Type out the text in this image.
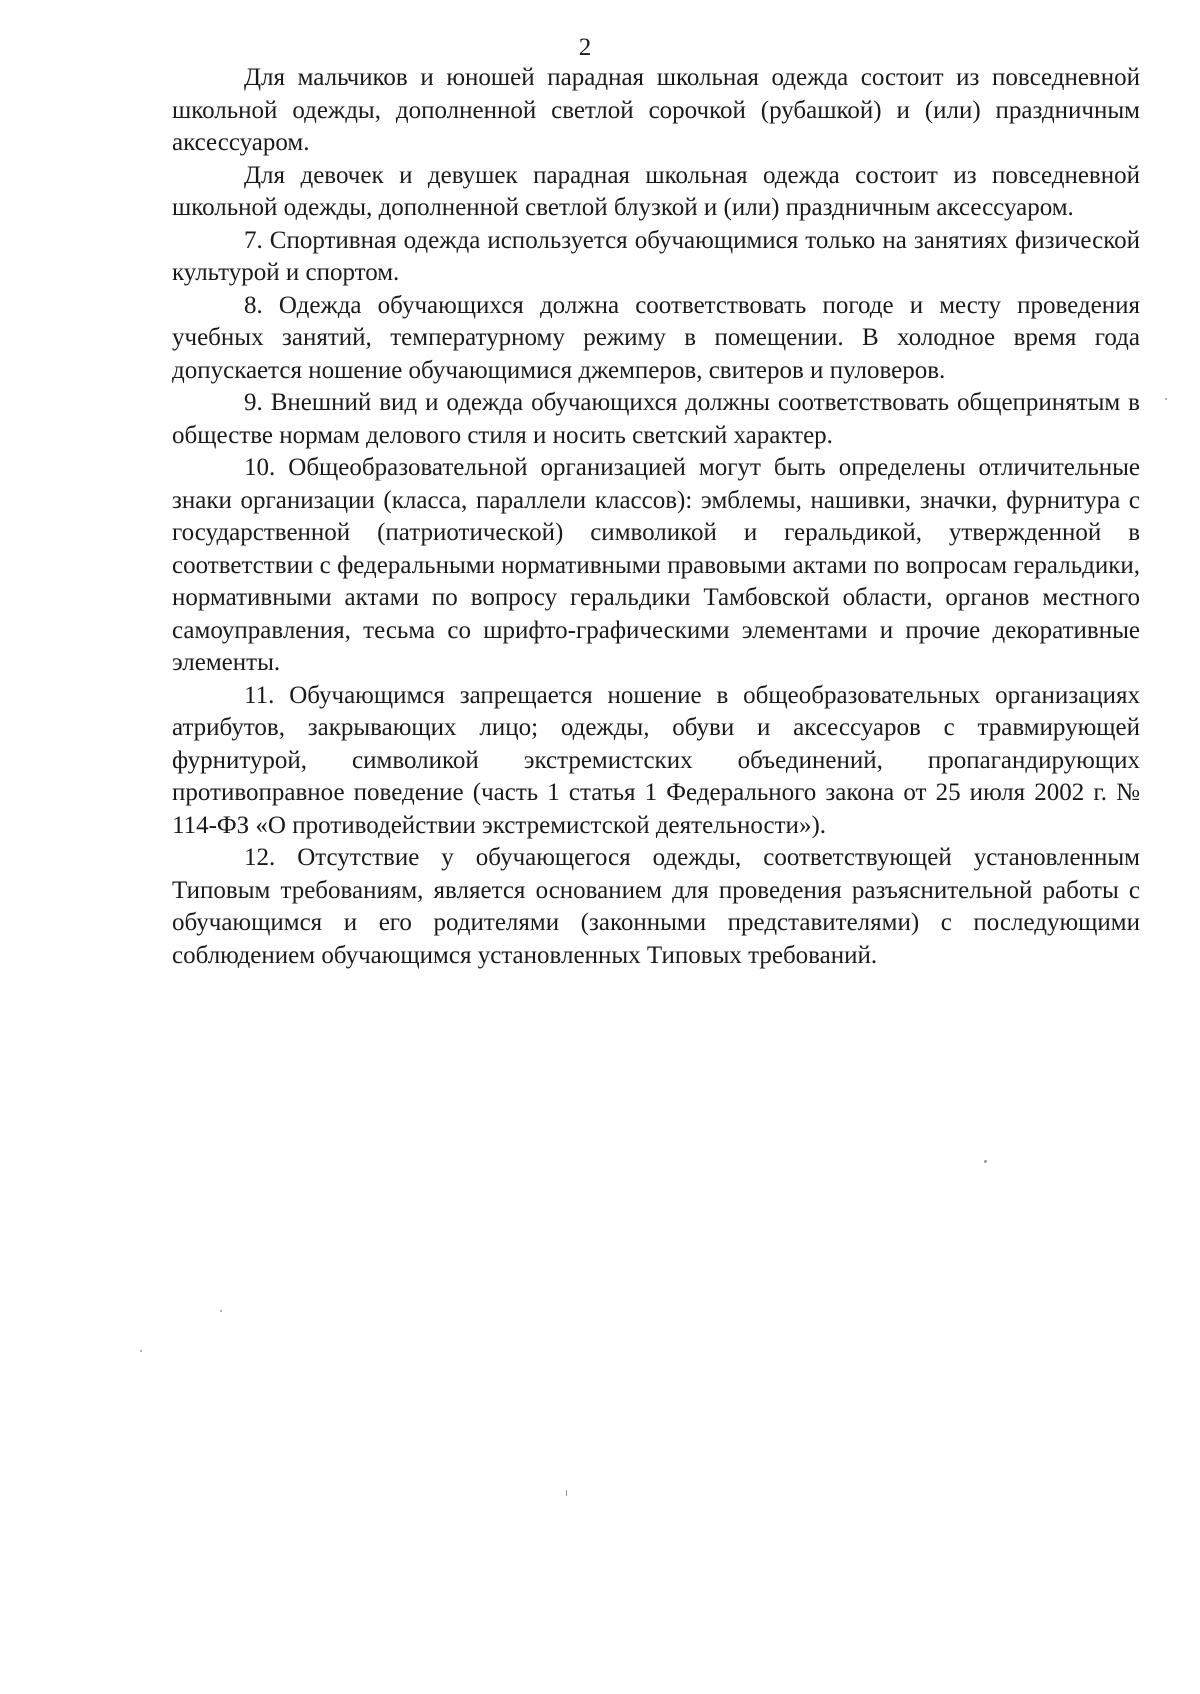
2

Для мальчиков и юношей парадная школьная одежда состоит из повседневной школьной одежды, дополненной светлой сорочкой (рубашкой) и (или) праздничным аксессуаром.

Для девочек и девушек парадная школьная одежда состоит из повседневной школьной одежды, дополненной светлой блузкой и (или) праздничным аксессуаром.

7. Спортивная одежда используется обучающимися только на занятиях физической культурой и спортом.

8. Одежда обучающихся должна соответствовать погоде и месту проведения учебных занятий, температурному режиму в помещении. В холодное время года допускается ношение обучающимися джемперов, свитеров и пуловеров.

9. Внешний вид и одежда обучающихся должны соответствовать общепринятым в обществе нормам делового стиля и носить светский характер.

10. Общеобразовательной организацией могут быть определены отличительные знаки организации (класса, параллели классов): эмблемы, нашивки, значки, фурнитура с государственной (патриотической) символикой и геральдикой, утвержденной в соответствии с федеральными нормативными правовыми актами по вопросам геральдики, нормативными актами по вопросу геральдики Тамбовской области, органов местного самоуправления, тесьма со шрифто-графическими элементами и прочие декоративные элементы.

11. Обучающимся запрещается ношение в общеобразовательных организациях атрибутов, закрывающих лицо; одежды, обуви и аксессуаров с травмирующей фурнитурой, символикой экстремистских объединений, пропагандирующих противоправное поведение (часть 1 статья 1 Федерального закона от 25 июля 2002 г. № 114-ФЗ «О противодействии экстремистской деятельности»).

12. Отсутствие у обучающегося одежды, соответствующей установленным Типовым требованиям, является основанием для проведения разъяснительной работы с обучающимся и его родителями (законными представителями) с последующими соблюдением обучающимся установленных Типовых требований.
